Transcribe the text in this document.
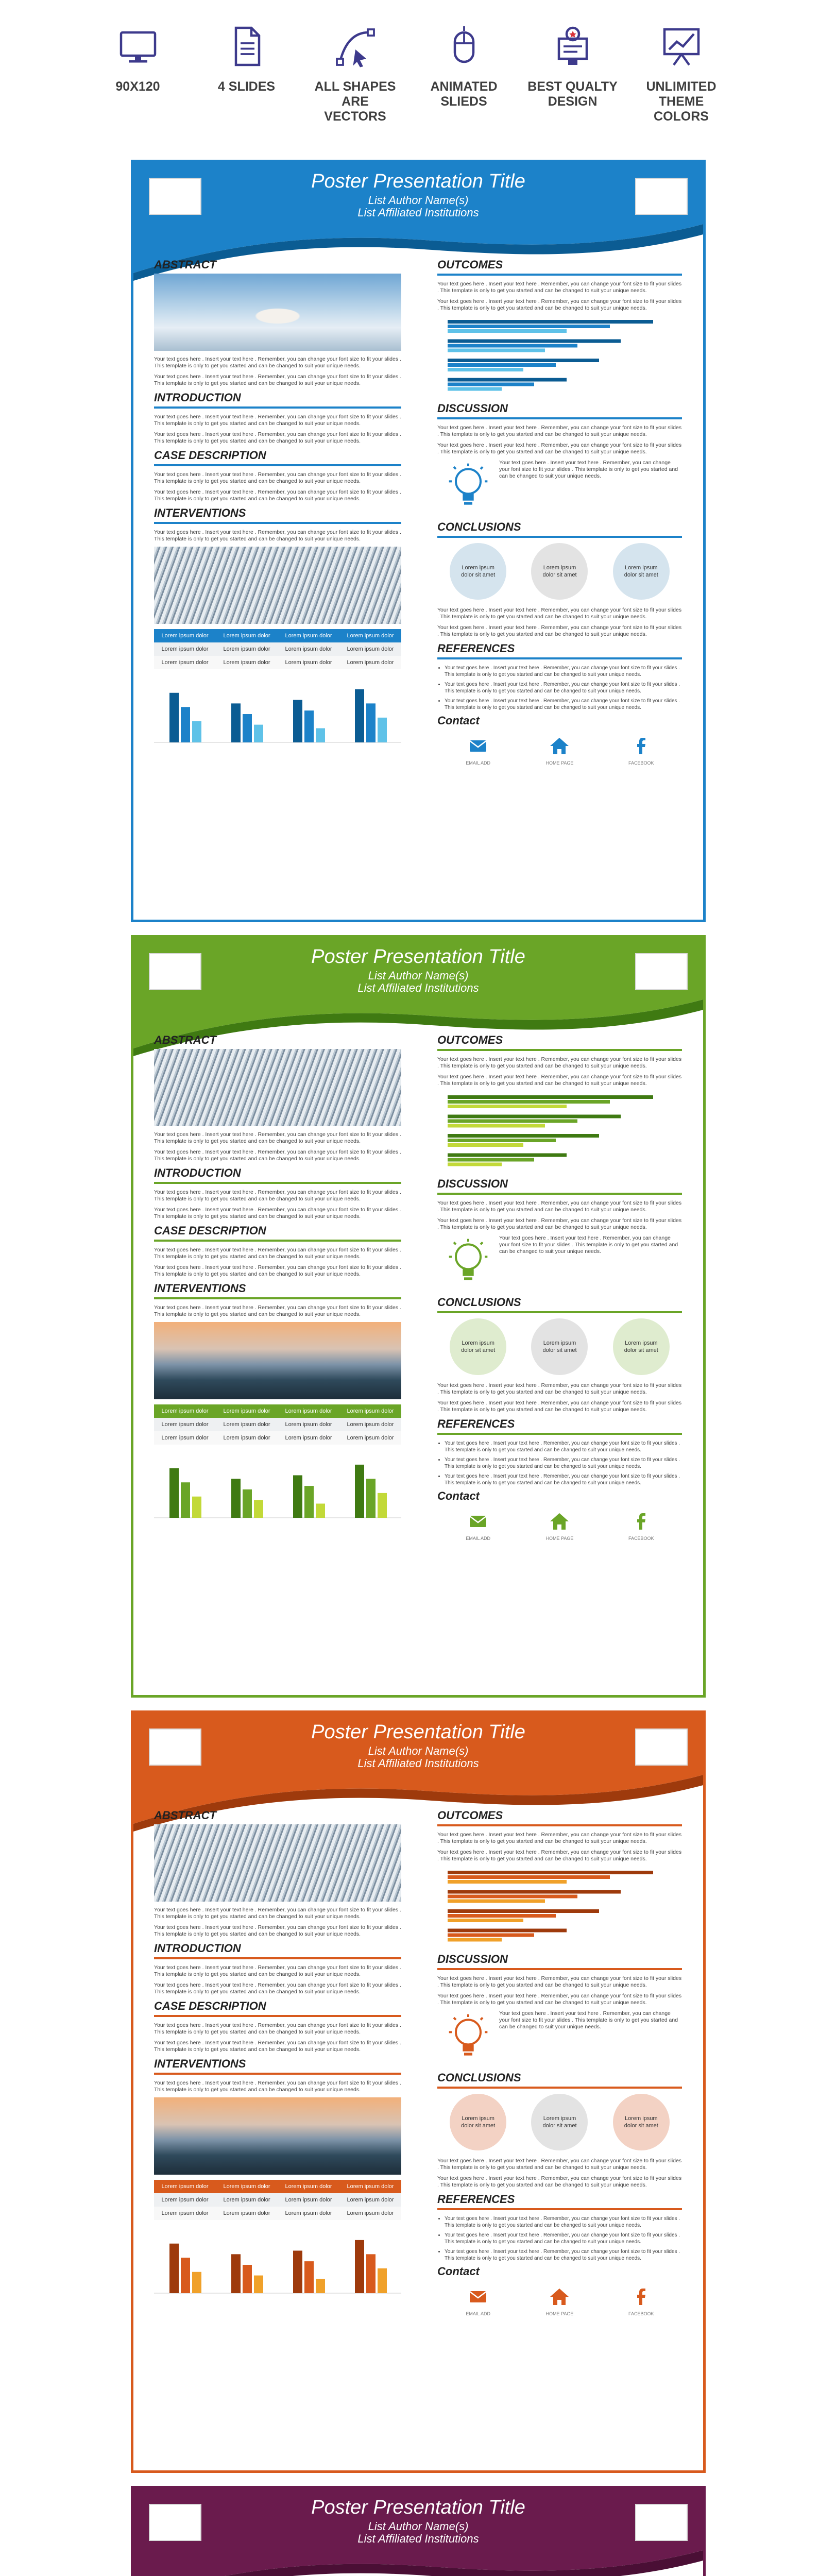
90X120	4 SLIDES	ALL SHAPES ARE VECTORS
ANIMATED SLIEDS
BEST QUALTY DESIGN
UNLIMITED THEME COLORS
Poster Presentation Title
List Author Name(s)
List Affiliated Institutions
ABSTRACT
Your text goes here . Insert your text here . Remember, you can change your font size to fit your slides . This template is only to get you started and can be changed to suit your unique needs.
Your text goes here . Insert your text here . Remember, you can change your font size to fit your slides . This template is only to get you started and can be changed to suit your unique needs.
INTRODUCTION
Your text goes here . Insert your text here . Remember, you can change your font size to fit your slides . This template is only to get you started and can be changed to suit your unique needs.
Your text goes here . Insert your text here . Remember, you can change your font size to fit your slides . This template is only to get you started and can be changed to suit your unique needs.
CASE DESCRIPTION
Your text goes here . Insert your text here . Remember, you can change your font size to fit your slides . This template is only to get you started and can be changed to suit your unique needs.
Your text goes here . Insert your text here . Remember, you can change your font size to fit your slides . This template is only to get you started and can be changed to suit your unique needs.
INTERVENTIONS
Your text goes here . Insert your text here . Remember, you can change your font size to fit your slides . This template is only to get you started and can be changed to suit your unique needs.
Lorem ipsum dolor	Lorem ipsum dolor	Lorem ipsum dolor	Lorem ipsum dolor
Lorem ipsum dolor	Lorem ipsum dolor	Lorem ipsum dolor	Lorem ipsum dolor
Lorem ipsum dolor	Lorem ipsum dolor	Lorem ipsum dolor	Lorem ipsum dolor
OUTCOMES
Your text goes here . Insert your text here . Remember, you can change your font size to fit your slides . This template is only to get you started and can be changed to suit your unique needs.
Your text goes here . Insert your text here . Remember, you can change your font size to fit your slides . This template is only to get you started and can be changed to suit your unique needs.
DISCUSSION
Your text goes here . Insert your text here . Remember, you can change your font size to fit your slides . This template is only to get you started and can be changed to suit your unique needs.
Your text goes here . Insert your text here . Remember, you can change your font size to fit your slides . This template is only to get you started and can be changed to suit your unique needs.
Your text goes here . Insert your text here . Remember, you can change your font size to fit your slides . This template is only to get you started and can be changed to suit your unique needs.
CONCLUSIONS
Lorem ipsum dolor sit amet
Lorem ipsum dolor sit amet
Lorem ipsum dolor sit amet
Your text goes here . Insert your text here . Remember, you can change your font size to fit your slides . This template is only to get you started and can be changed to suit your unique needs.
Your text goes here . Insert your text here . Remember, you can change your font size to fit your slides . This template is only to get you started and can be changed to suit your unique needs.
REFERENCES
• Your text goes here . Insert your text here . Remember, you can change your font size to fit your slides . This template is only to get you started and can be changed to suit your unique needs.
• Your text goes here . Insert your text here . Remember, you can change your font size to fit your slides . This template is only to get you started and can be changed to suit your unique needs.
• Your text goes here . Insert your text here . Remember, you can change your font size to fit your slides . This template is only to get you started and can be changed to suit your unique needs.
Contact
EMAIL ADD	HOME PAGE	FACEBOOK
Poster Presentation Title
List Author Name(s)
List Affiliated Institutions
ABSTRACT
Your text goes here . Insert your text here . Remember, you can change your font size to fit your slides . This template is only to get you started and can be changed to suit your unique needs.
Your text goes here . Insert your text here . Remember, you can change your font size to fit your slides . This template is only to get you started and can be changed to suit your unique needs.
INTRODUCTION
Your text goes here . Insert your text here . Remember, you can change your font size to fit your slides . This template is only to get you started and can be changed to suit your unique needs.
Your text goes here . Insert your text here . Remember, you can change your font size to fit your slides . This template is only to get you started and can be changed to suit your unique needs.
CASE DESCRIPTION
Your text goes here . Insert your text here . Remember, you can change your font size to fit your slides . This template is only to get you started and can be changed to suit your unique needs.
Your text goes here . Insert your text here . Remember, you can change your font size to fit your slides . This template is only to get you started and can be changed to suit your unique needs.
INTERVENTIONS
Your text goes here . Insert your text here . Remember, you can change your font size to fit your slides . This template is only to get you started and can be changed to suit your unique needs.
Lorem ipsum dolor	Lorem ipsum dolor	Lorem ipsum dolor	Lorem ipsum dolor
Lorem ipsum dolor	Lorem ipsum dolor	Lorem ipsum dolor	Lorem ipsum dolor
Lorem ipsum dolor	Lorem ipsum dolor	Lorem ipsum dolor	Lorem ipsum dolor
OUTCOMES
Your text goes here . Insert your text here . Remember, you can change your font size to fit your slides . This template is only to get you started and can be changed to suit your unique needs.
Your text goes here . Insert your text here . Remember, you can change your font size to fit your slides . This template is only to get you started and can be changed to suit your unique needs.
DISCUSSION
Your text goes here . Insert your text here . Remember, you can change your font size to fit your slides . This template is only to get you started and can be changed to suit your unique needs.
Your text goes here . Insert your text here . Remember, you can change your font size to fit your slides . This template is only to get you started and can be changed to suit your unique needs.
Your text goes here . Insert your text here . Remember, you can change your font size to fit your slides . This template is only to get you started and can be changed to suit your unique needs.
CONCLUSIONS
Lorem ipsum dolor sit amet
Lorem ipsum dolor sit amet
Lorem ipsum dolor sit amet
Your text goes here . Insert your text here . Remember, you can change your font size to fit your slides . This template is only to get you started and can be changed to suit your unique needs.
Your text goes here . Insert your text here . Remember, you can change your font size to fit your slides . This template is only to get you started and can be changed to suit your unique needs.
REFERENCES
• Your text goes here . Insert your text here . Remember, you can change your font size to fit your slides . This template is only to get you started and can be changed to suit your unique needs.
• Your text goes here . Insert your text here . Remember, you can change your font size to fit your slides . This template is only to get you started and can be changed to suit your unique needs.
• Your text goes here . Insert your text here . Remember, you can change your font size to fit your slides . This template is only to get you started and can be changed to suit your unique needs.
Contact
EMAIL ADD	HOME PAGE	FACEBOOK
Poster Presentation Title
List Author Name(s)
List Affiliated Institutions
ABSTRACT
Your text goes here . Insert your text here . Remember, you can change your font size to fit your slides . This template is only to get you started and can be changed to suit your unique needs.
Your text goes here . Insert your text here . Remember, you can change your font size to fit your slides . This template is only to get you started and can be changed to suit your unique needs.
INTRODUCTION
Your text goes here . Insert your text here . Remember, you can change your font size to fit your slides . This template is only to get you started and can be changed to suit your unique needs.
Your text goes here . Insert your text here . Remember, you can change your font size to fit your slides . This template is only to get you started and can be changed to suit your unique needs.
CASE DESCRIPTION
Your text goes here . Insert your text here . Remember, you can change your font size to fit your slides . This template is only to get you started and can be changed to suit your unique needs.
Your text goes here . Insert your text here . Remember, you can change your font size to fit your slides . This template is only to get you started and can be changed to suit your unique needs.
INTERVENTIONS
Your text goes here . Insert your text here . Remember, you can change your font size to fit your slides . This template is only to get you started and can be changed to suit your unique needs.
Lorem ipsum dolor	Lorem ipsum dolor	Lorem ipsum dolor	Lorem ipsum dolor
Lorem ipsum dolor	Lorem ipsum dolor	Lorem ipsum dolor	Lorem ipsum dolor
Lorem ipsum dolor	Lorem ipsum dolor	Lorem ipsum dolor	Lorem ipsum dolor
OUTCOMES
Your text goes here . Insert your text here . Remember, you can change your font size to fit your slides . This template is only to get you started and can be changed to suit your unique needs.
Your text goes here . Insert your text here . Remember, you can change your font size to fit your slides . This template is only to get you started and can be changed to suit your unique needs.
DISCUSSION
Your text goes here . Insert your text here . Remember, you can change your font size to fit your slides . This template is only to get you started and can be changed to suit your unique needs.
Your text goes here . Insert your text here . Remember, you can change your font size to fit your slides . This template is only to get you started and can be changed to suit your unique needs.
Your text goes here . Insert your text here . Remember, you can change your font size to fit your slides . This template is only to get you started and can be changed to suit your unique needs.
CONCLUSIONS
Lorem ipsum dolor sit amet
Lorem ipsum dolor sit amet
Lorem ipsum dolor sit amet
Your text goes here . Insert your text here . Remember, you can change your font size to fit your slides . This template is only to get you started and can be changed to suit your unique needs.
Your text goes here . Insert your text here . Remember, you can change your font size to fit your slides . This template is only to get you started and can be changed to suit your unique needs.
REFERENCES
• Your text goes here . Insert your text here . Remember, you can change your font size to fit your slides . This template is only to get you started and can be changed to suit your unique needs.
• Your text goes here . Insert your text here . Remember, you can change your font size to fit your slides . This template is only to get you started and can be changed to suit your unique needs.
• Your text goes here . Insert your text here . Remember, you can change your font size to fit your slides . This template is only to get you started and can be changed to suit your unique needs.
Contact
EMAIL ADD	HOME PAGE	FACEBOOK
Poster Presentation Title
List Author Name(s)
List Affiliated Institutions
